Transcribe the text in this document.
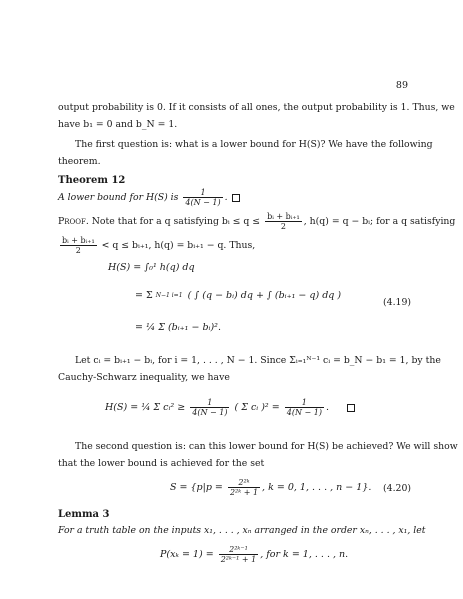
89
output probability is 0. If it consists of all ones, the output probability is 1. Thus, we
have b₁ = 0 and b_N = 1.
The first question is: what is a lower bound for H(S)? We have the following
theorem.
Theorem 12
A lower bound for H(S) is $\frac{1}{4(N - 1)}$ .
Proof. Note that for a q satisfying bᵢ ≤ $q \le \frac{\text{bᵢ + bᵢ₊₁}}{2}$ , h(q) = q − bᵢ; for a q satisfying
$\frac{\text{bᵢ + bᵢ₊₁}}{2} < q$ ≤ bᵢ₊₁, h(q) = bᵢ₊₁ − q. Thus,
H(S) = ∫₀¹ h(q) dq
= Σ N−1 i=1 ( ∫ (q − bᵢ) dq + ∫ (bᵢ₊₁ − q) dq )
(4.19)
= ¼ Σ (bᵢ₊₁ − bᵢ)².
Let cᵢ = bᵢ₊₁ − bᵢ, for i = 1, . . . , N − 1. Since Σᵢ₌₁ᴺ⁻¹ cᵢ = b_N − b₁ = 1, by the
Cauchy-Schwarz inequality, we have
H(S) = ¼ Σ cᵢ² ≥ $\frac{1}{4(N - 1)}$ ( Σ cᵢ )$^2 = \frac{1}{4(N - 1)}$ .
The second question is: can this lower bound for H(S) be achieved? We will show
that the lower bound is achieved for the set
$S = \{p|p = \frac{\text{2²ᵏ}}{\text{2²ᵏ + 1}}$ , k = 0, 1, . . . , n − 1}. (4.20)
Lemma 3
For a truth table on the inputs x₁, . . . , xₙ arranged in the order xₙ, . . . , x₁, let
$P(x_k = 1) = \frac{\text{2²ᵏ⁻¹}}{\text{2²ᵏ⁻¹ + 1}}$ , for k = 1, . . . , n.
